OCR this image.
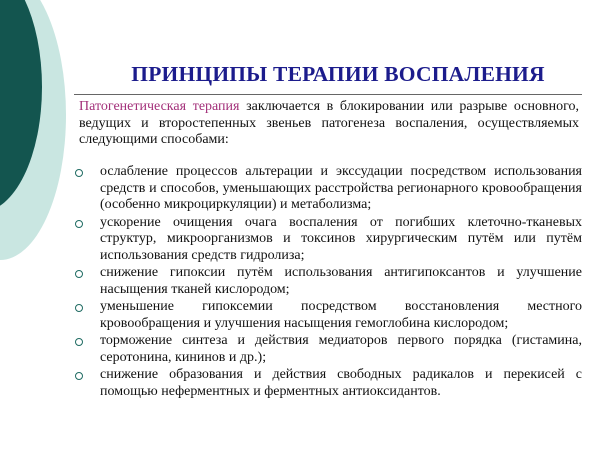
ПРИНЦИПЫ ТЕРАПИИ ВОСПАЛЕНИЯ
Патогенетическая терапия заключается в блокировании или разрыве основного, ведущих и второстепенных звеньев патогенеза воспаления, осуществляемых следующими способами:
ослабление процессов альтерации и экссудации посредством использования средств и способов, уменьшающих расстройства регионарного кровообращения (особенно микроциркуляции) и метаболизма;
ускорение очищения очага воспаления от погибших клеточно-тканевых структур, микроорганизмов и токсинов хирургическим путём или путём использования средств гидролиза;
снижение гипоксии путём использования антигипоксантов и улучшение насыщения тканей кислородом;
уменьшение гипоксемии посредством восстановления местного кровообращения и улучшения насыщения гемоглобина кислородом;
торможение синтеза и действия медиаторов первого порядка (гистамина, серотонина, кининов и др.);
снижение образования и действия свободных радикалов и перекисей с помощью неферментных и ферментных антиоксидантов.
